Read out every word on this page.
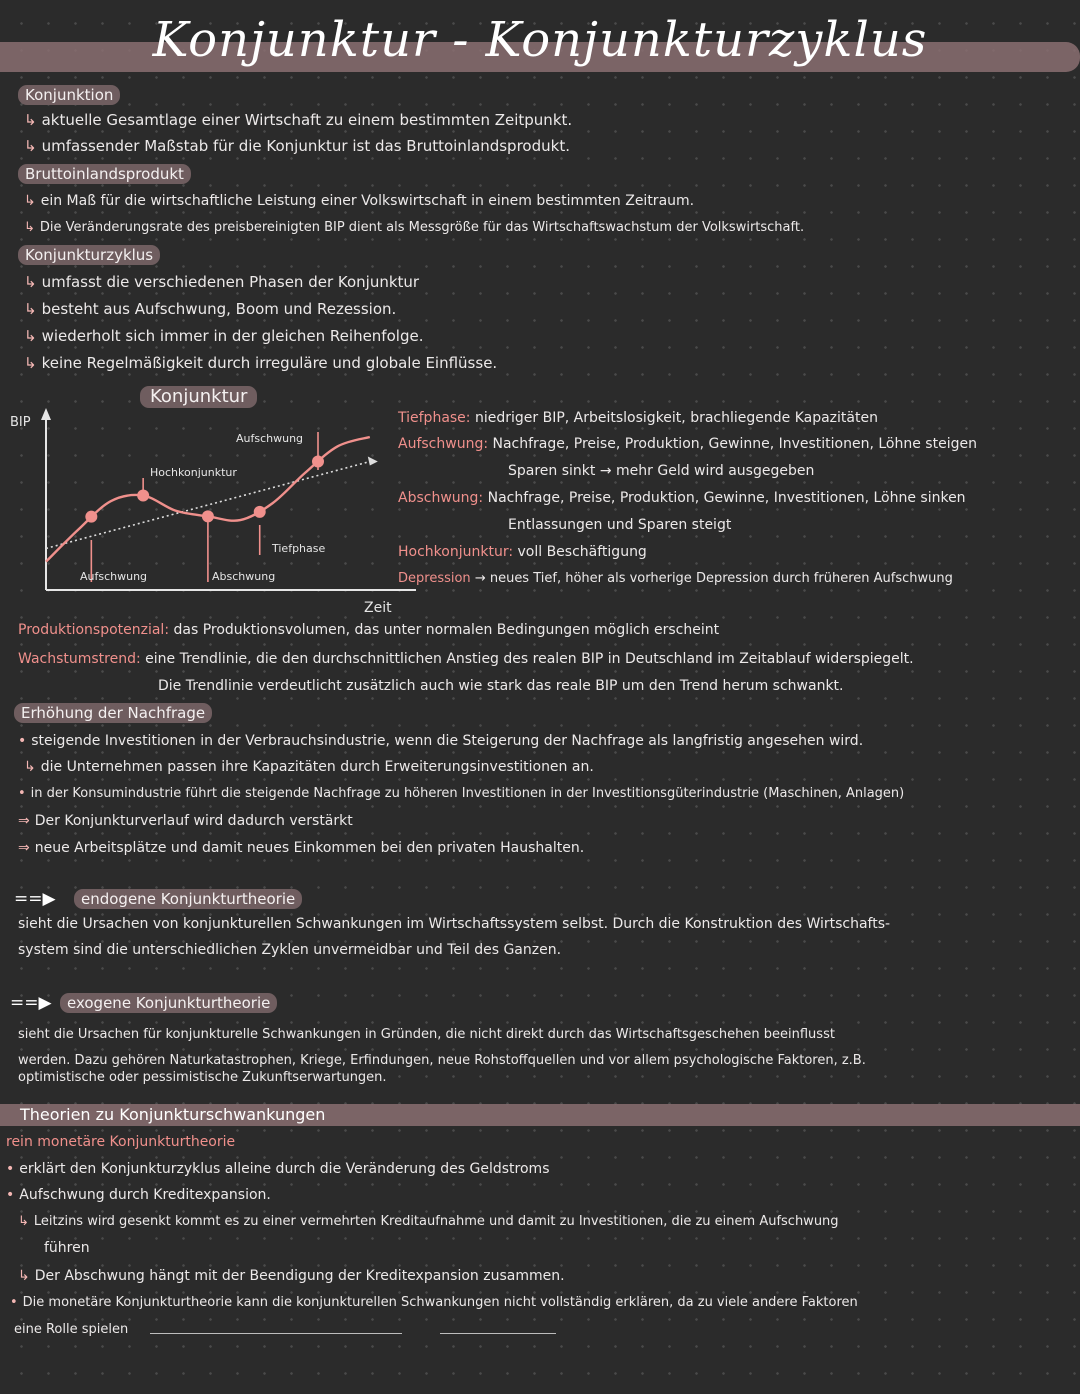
Konjunktur - Konjunkturzyklus
Konjunktion
↳ aktuelle Gesamtlage einer Wirtschaft zu einem bestimmten Zeitpunkt.
↳ umfassender Maßstab für die Konjunktur ist das Bruttoinlandsprodukt.
Bruttoinlandsprodukt
↳ ein Maß für die wirtschaftliche Leistung einer Volkswirtschaft in einem bestimmten Zeitraum.
↳ Die Veränderungsrate des preisbereinigten BIP dient als Messgröße für das Wirtschaftswachstum der Volkswirtschaft.
Konjunkturzyklus
↳ umfasst die verschiedenen Phasen der Konjunktur
↳ besteht aus Aufschwung, Boom und Rezession.
↳ wiederholt sich immer in der gleichen Reihenfolge.
↳ keine Regelmäßigkeit durch irreguläre und globale Einflüsse.
Konjunktur
BIP
Zeit
Aufschwung
Hochkonjunktur
Abschwung
Tiefphase
Aufschwung
Tiefphase: niedriger BIP, Arbeitslosigkeit, brachliegende Kapazitäten
Aufschwung: Nachfrage, Preise, Produktion, Gewinne, Investitionen, Löhne steigen
Sparen sinkt → mehr Geld wird ausgegeben
Abschwung: Nachfrage, Preise, Produktion, Gewinne, Investitionen, Löhne sinken
Entlassungen und Sparen steigt
Hochkonjunktur: voll Beschäftigung
Depression → neues Tief, höher als vorherige Depression durch früheren Aufschwung
Produktionspotenzial: das Produktionsvolumen, das unter normalen Bedingungen möglich erscheint
Wachstumstrend: eine Trendlinie, die den durchschnittlichen Anstieg des realen BIP in Deutschland im Zeitablauf widerspiegelt.
Die Trendlinie verdeutlicht zusätzlich auch wie stark das reale BIP um den Trend herum schwankt.
Erhöhung der Nachfrage
• steigende Investitionen in der Verbrauchsindustrie, wenn die Steigerung der Nachfrage als langfristig angesehen wird.
↳ die Unternehmen passen ihre Kapazitäten durch Erweiterungsinvestitionen an.
• in der Konsumindustrie führt die steigende Nachfrage zu höheren Investitionen in der Investitionsgüterindustrie (Maschinen, Anlagen)
⇒ Der Konjunkturverlauf wird dadurch verstärkt
⇒ neue Arbeitsplätze und damit neues Einkommen bei den privaten Haushalten.
==▶	endogene Konjunkturtheorie
sieht die Ursachen von konjunkturellen Schwankungen im Wirtschaftssystem selbst. Durch die Konstruktion des Wirtschafts-
system sind die unterschiedlichen Zyklen unvermeidbar und Teil des Ganzen.
==▶	exogene Konjunkturtheorie
sieht die Ursachen für konjunkturelle Schwankungen in Gründen, die nicht direkt durch das Wirtschaftsgeschehen beeinflusst
werden. Dazu gehören Naturkatastrophen, Kriege, Erfindungen, neue Rohstoffquellen und vor allem psychologische Faktoren, z.B.
optimistische oder pessimistische Zukunftserwartungen.
Theorien zu Konjunkturschwankungen
rein monetäre Konjunkturtheorie
• erklärt den Konjunkturzyklus alleine durch die Veränderung des Geldstroms
• Aufschwung durch Kreditexpansion.
↳ Leitzins wird gesenkt kommt es zu einer vermehrten Kreditaufnahme und damit zu Investitionen, die zu einem Aufschwung
führen
↳ Der Abschwung hängt mit der Beendigung der Kreditexpansion zusammen.
• Die monetäre Konjunkturtheorie kann die konjunkturellen Schwankungen nicht vollständig erklären, da zu viele andere Faktoren
eine Rolle spielen
